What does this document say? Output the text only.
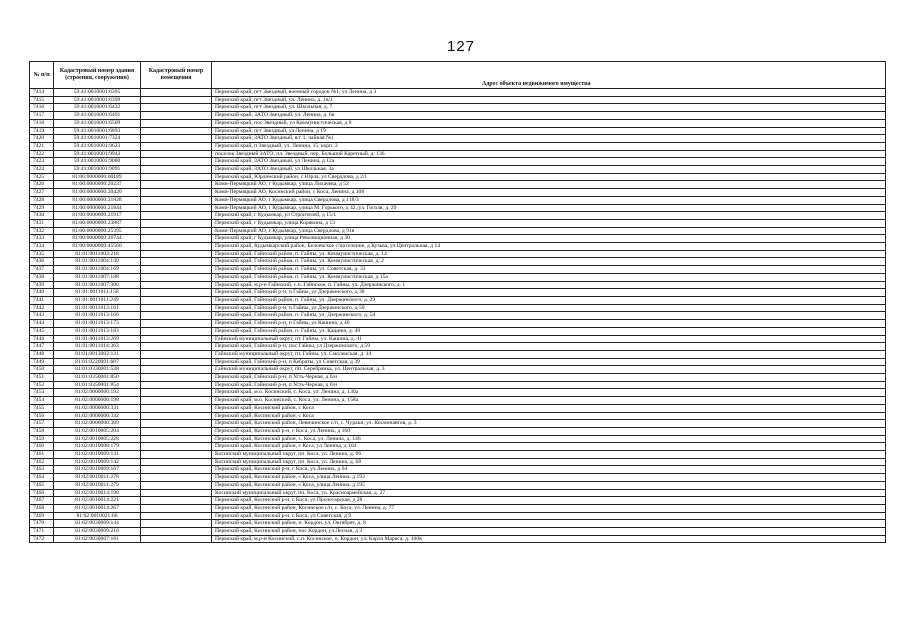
127
№ п/п	Кадастровый номер здания (строения, сооружения)	Кадастровый номер помещения	Адрес объекта недвижимого имущества
7414	59:41:0010001:6395		Пермский край, пгт Звездный, военный городок №1, ул Ленина, д 3
7415	59:41:0010001:6399		Пермский край, пгт Звездный, ул. Ленина, д. 1в/1
7416	59:41:0010001:6432		Пермский край, пгт Звездный, ул. Школьная, д. 7
7417	59:41:0010001:6491		Пермский край, ЗАТО Звездный, ул. Ленина, д. 6в
7418	59:41:0010001:6509		Пермский край, пос Звездный, ул Коммунистическая, д 8
7419	59:41:0010001:6893		Пермский край, пгт Звездный, ул Ленина, д 19
7420	59:41:0010001:7324		Пермский край, ЗАТО Звездный, в/г 1, чайная №1
7421	59:41:0010001:9623		Пермский край, п Звездный, ул. Ленина, 15, корп. 3
7422	59:41:0010001:9943		поселок Звездный ЗАТО, пл. Звездный, пер. Большой Каретный, д. 136
7423	59:41:0010001:9080		Пермский край, ЗАТО Звездный, ул Ленина, д 12а
7424	59:41:0010001:9091		Пермский край, ЗАТО Звездный, ул Школьная, 3а
7425	81:06:0000000:00189		Пермский край, Юрлинский район, с Юрла, ул Свердлова, д 2/1
7426	81:00:0000000:20237		Коми-Пермяцкий АО, г Кудымкар, улица Лихачева, д 52
7427	81:00:0000000:20420		Коми-Пермяцкий АО, Косинский район, с Коса, Ленина, д 108
7428	81:00:0000000:21828		Коми-Пермяцкий АО, г Кудымкар, улица Свердлова, д 118/3
7429	81:00:0000000:21844		Коми-Пермяцкий АО, г Кудымкар, улица М. Горького, д 42,/ул. Гоголя, д. 29
7430	81:00:0000000:21917		Пермский край, г Кудымкар, ул Строителей, д 15/1
7431	81:00:0000000:23887		Пермский край, г Кудымкар, улица Корякина, д 13
7432	81:00:0000000:25395		Коми-Пермяцкий АО, г Кудымкар, улица Свердлова, д 91в
7433	81:00:0000000:26744		Пермский край, г Кудымкар, улица Революционная, д 30
7434	81:00:0000000:45560		Пермский край, Кудымкарский район, Белоевское с/поселение, д Кузьва, ул Центральная, д 14
7435	81:01:0011003:218		Пермский край, Гайнский район, п. Гайны, ул. Коммунистическая, д. 14
7436	81:01:0011004:149		Пермский край, Гайнский район, п. Гайны, ул. Коммунистическая, д. 2
7437	81:01:0011004:169		Пермский край, Гайнский район, п. Гайны, ул. Советская, д. 33
7438	81:01:0011007:188		Пермский край, Гайнский район, п. Гайны, ул. Коммунистическая, д 15а
7439	81:01:0011007:300		Пермский край, м.р-н Гайнский, с.п. Гайнское, п. Гайны, ул. Дзержинского, д. 1
7440	81:01:0011011:158		Пермский край, Гайнский р-н, п Гайны, ул Дзержинского, д 38
7441	81:01:0011011:249		Пермский край, Гайнский район, п. Гайны, ул. Дзержинского, д. 29
7442	81:01:0011013:161		Пермский край, Гайнский р-н, п Гайны, ул Дзержинского, д 50
7443	81:01:0011013:166		Пермский край, Гайнский район, п. Гайны, ул. Дзержинского, д. 54
7444	81:01:0011013:173		Пермский край, Гайнский р-н, п Гайны, ул Кашина, д 40
7445	81:01:0011013:183		Пермский край, Гайнский район, п. Гайны, ул. Кашина, д. 49
7446	81:01:0011013:269		Гайнский муниципальный округ, пт. Гайны, ул. Кашина, д. 41
7447	81:01:0011014:363		Пермский край, Гайнский р-н, пос Гайны, ул Дзержинского, д 59
7448	81:01:0013003:131		Гайнский муниципальный округ, пт. Гайны, ул. Смоленская, д. 44
7449	81:01:0220001:607		Пермский край, Гайнский р-н, п Кебраты, ул Советская, д 39
7450	81:01:0330001:538		Гайнский муниципальный округ, пп. Серебрянка, ул. Центральная, д. 3
7451	81:01:0350001:850		Пермский край, Гайнский р-н, п Усть-Черная, д 6/н
7452	81:01:0350001:854		Пермский край, Гайнский р-н, п Усть-Черная, д 6/н
7453	81:02:0000000:192		Пермский край, м.о. Косинский, с. Коса, ул. Ленина, д. 130а
7454	81:02:0000000:198		Пермский край, м.о. Косинский, с. Коса, ул. Ленина, д. 158а
7455	81:02:0000000:331		Пермский край, Косинский район, с Коса
7456	81:02:0000000:332		Пермский край, Косинский район, с Коса
7457	81:02:0000000:389		Пермский край, Косинский район, Левичинское с/п, с. Чураки, ул. Космонавтов, д. 3
7458	81:02:0010005:204		Пермский край, Косинский р-н, с Коса, ул Ленина, д 160
7459	81:02:0010005:228		Пермский край, Косинский район, с. Коса, ул. Ленина, д. 146
7460	81:02:0010008:179		Пермский край, Косинский район, с Коса, ул Ленина, д 104
7461	81:02:0010009:141		Косинский муниципальный округ, пп. Коса, ул. Ленина, д. 66
7462	81:02:0010009:142		Косинский муниципальный округ, пп. Коса, ул. Ленина, д. 68
7463	81:02:0010009:167		Пермский край, Косинский р-н, с Коса, ул Ленина, д 64
7464	81:02:0010011:278		Пермский край, Косинский район, с Коса, улица Ленина, д 193
7465	81:02:0010011:279		Пермский край, Косинский район, с Коса, улица Ленина, д 195
7466	81:02:0010014:190		Косинский муниципальный округ, пп. Коса, ул. Красноармейская, д. 27
7467	81:02:0010014:221		Пермский край, Косинский р-н, с Коса, ул Пролетарская, д 28
7468	81:02:0010014:267		Пермский край, Косинский район, Косинское с/п, с. Коса, ул. Ленина, д. 77
7469	81:02:0010021:66		Пермский край, Косинский р-н, с Коса, ул Советская, д 9
7470	81:02:0030009:144		Пермский край, Косинский район, п. Кордон, ул. Октябрят, д. 8
7471	81:02:0030009:210		Пермский край, Косинский район, пос Кордон, ул Лесная, д 3
7472	81:02:0030007:181		Пермский край, м.р-н Косинский, с.п. Косинское, п. Кордон, ул. Карла Маркса, д. 100в
